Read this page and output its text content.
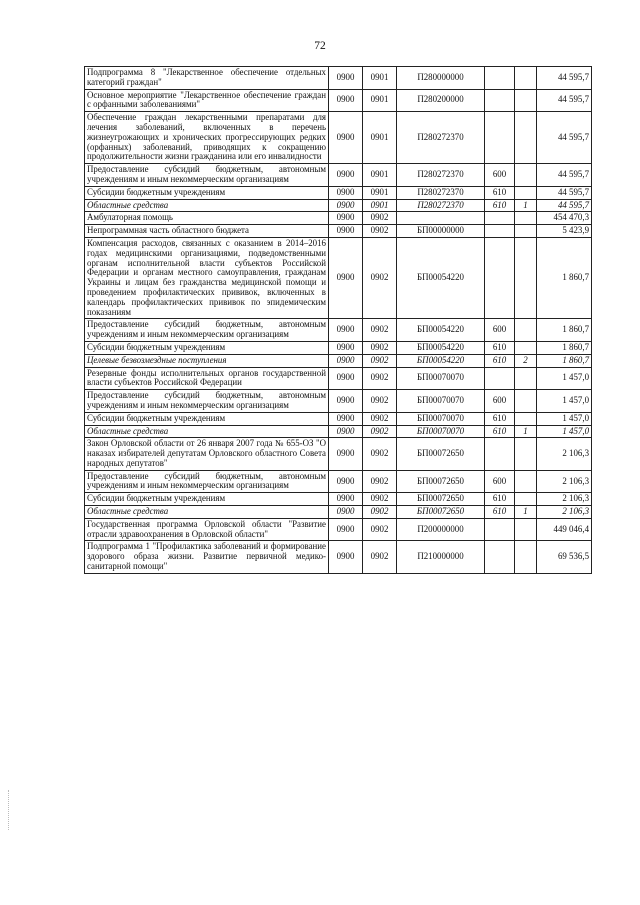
72
Подпрограмма 8 "Лекарственное обеспечение отдельных категорий граждан"	0900	0901	П280000000			44 595,7
Основное мероприятие "Лекарственное обеспечение граждан с орфанными заболеваниями"	0900	0901	П280200000			44 595,7
Обеспечение граждан лекарственными препаратами для лечения заболеваний, включенных в перечень жизнеугрожающих и хронических прогрессирующих редких (орфанных) заболеваний, приводящих к сокращению продолжительности жизни гражданина или его инвалидности	0900	0901	П280272370			44 595,7
Предоставление субсидий бюджетным, автономным учреждениям и иным некоммерческим организациям	0900	0901	П280272370	600		44 595,7
Субсидии бюджетным учреждениям	0900	0901	П280272370	610		44 595,7
Областные средства	0900	0901	П280272370	610	1	44 595,7
Амбулаторная помощь	0900	0902				454 470,3
Непрограммная часть областного бюджета	0900	0902	БП00000000			5 423,9
Компенсация расходов, связанных с оказанием в 2014–2016 годах медицинскими организациями, подведомственными органам исполнительной власти субъектов Российской Федерации и органам местного самоуправления, гражданам Украины и лицам без гражданства медицинской помощи и проведением профилактических прививок, включенных в календарь профилактических прививок по эпидемическим показаниям	0900	0902	БП00054220			1 860,7
Предоставление субсидий бюджетным, автономным учреждениям и иным некоммерческим организациям	0900	0902	БП00054220	600		1 860,7
Субсидии бюджетным учреждениям	0900	0902	БП00054220	610		1 860,7
Целевые безвозмездные поступления	0900	0902	БП00054220	610	2	1 860,7
Резервные фонды исполнительных органов государственной власти субъектов Российской Федерации	0900	0902	БП00070070			1 457,0
Предоставление субсидий бюджетным, автономным учреждениям и иным некоммерческим организациям	0900	0902	БП00070070	600		1 457,0
Субсидии бюджетным учреждениям	0900	0902	БП00070070	610		1 457,0
Областные средства	0900	0902	БП00070070	610	1	1 457,0
Закон Орловской области от 26 января 2007 года № 655-ОЗ "О наказах избирателей депутатам Орловского областного Совета народных депутатов"	0900	0902	БП00072650			2 106,3
Предоставление субсидий бюджетным, автономным учреждениям и иным некоммерческим организациям	0900	0902	БП00072650	600		2 106,3
Субсидии бюджетным учреждениям	0900	0902	БП00072650	610		2 106,3
Областные средства	0900	0902	БП00072650	610	1	2 106,3
Государственная программа Орловской области "Развитие отрасли здравоохранения в Орловской области"	0900	0902	П200000000			449 046,4
Подпрограмма 1 "Профилактика заболеваний и формирование здорового образа жизни. Развитие первичной медико-санитарной помощи"	0900	0902	П210000000			69 536,5
